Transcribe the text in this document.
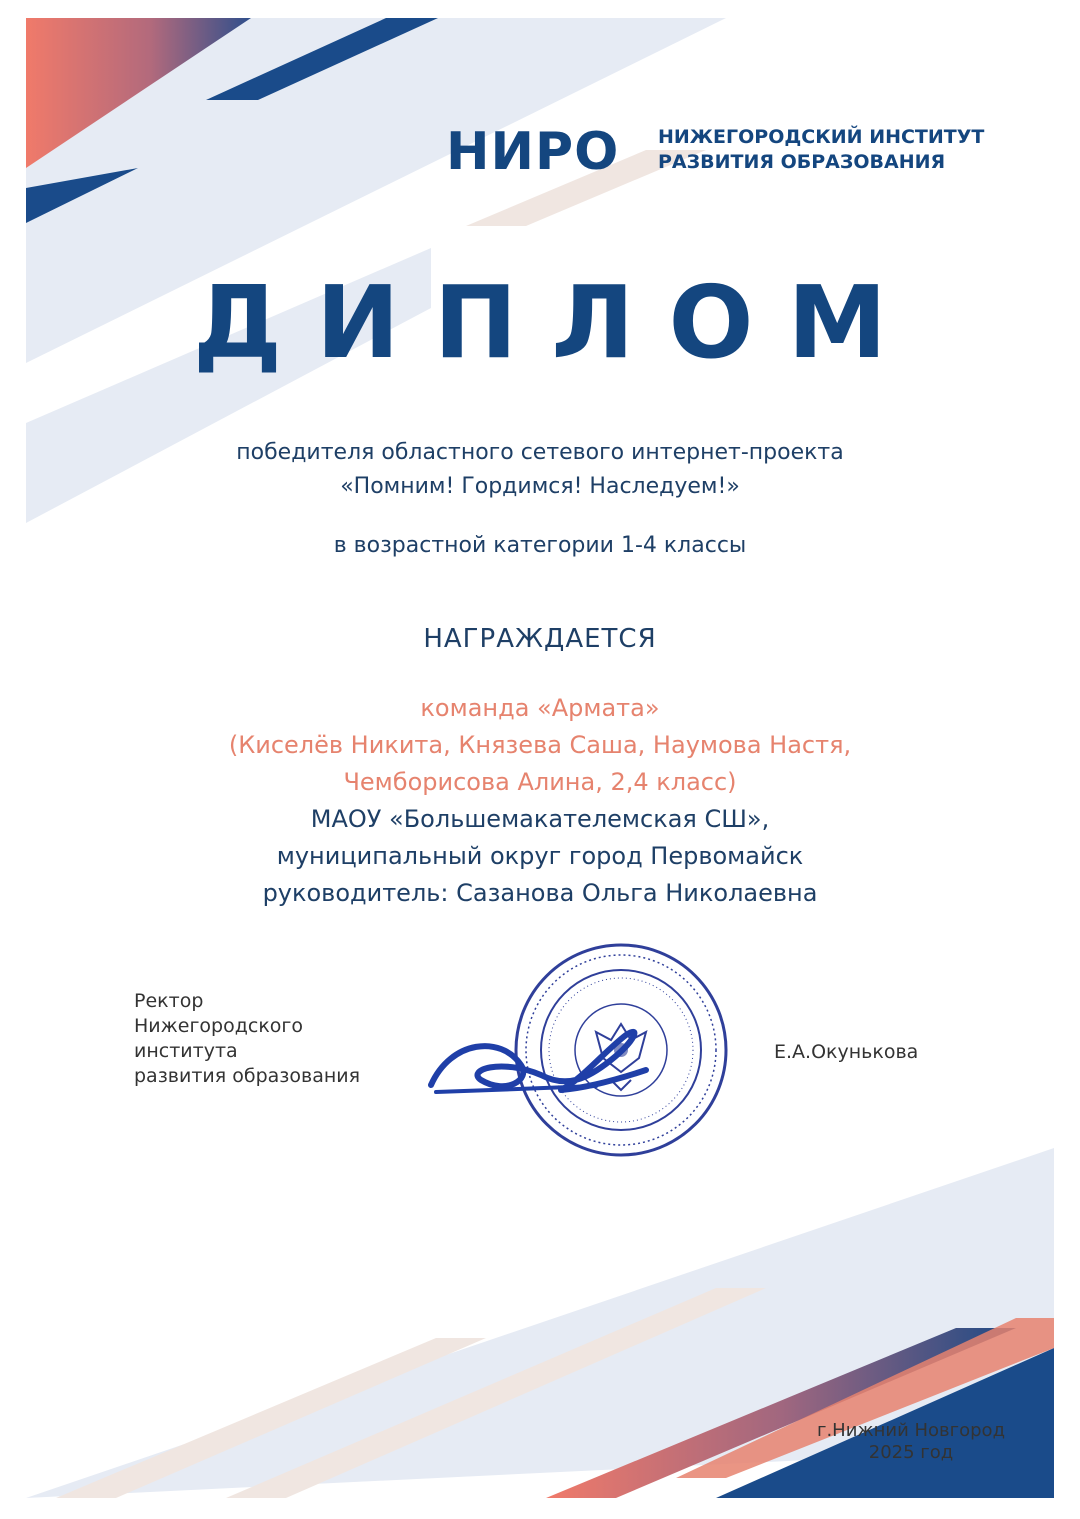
НИРО НИЖЕГОРОДСКИЙ ИНСТИТУТ
РАЗВИТИЯ ОБРАЗОВАНИЯ
ДИПЛОМ
победителя областного сетевого интернет-проекта
«Помним! Гордимся! Наследуем!»
в возрастной категории 1-4 классы
НАГРАЖДАЕТСЯ
команда «Армата»
(Киселёв Никита, Князева Саша, Наумова Настя,
Чемборисова Алина, 2,4 класс)
МАОУ «Большемакателемская СШ»,
муниципальный округ город Первомайск
руководитель: Сазанова Ольга Николаевна
Ректор
Нижегородского
института
развития образования
Е.А.Окунькова
г.Нижний Новгород
2025 год
